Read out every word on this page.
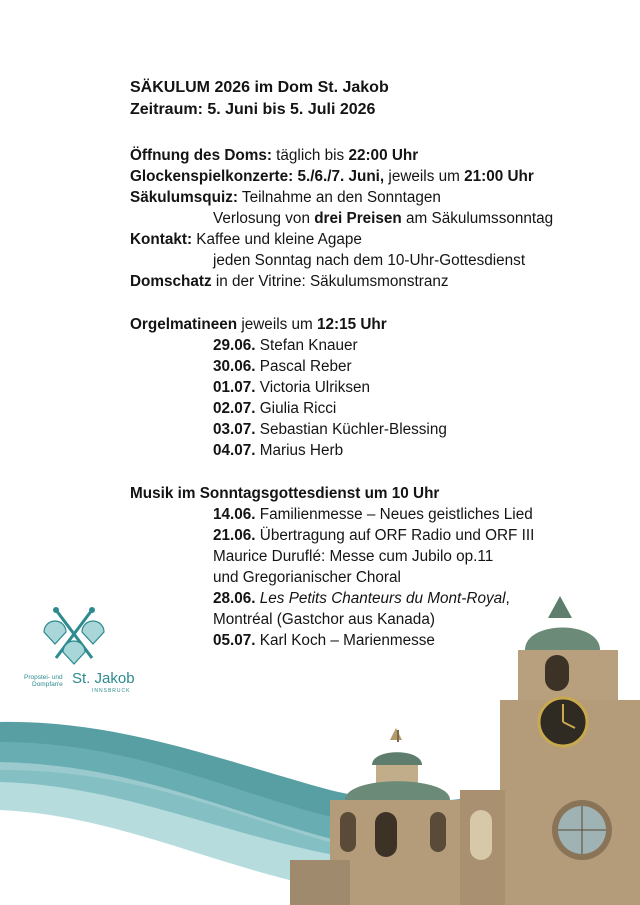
SÄKULUM 2026 im Dom St. Jakob
Zeitraum: 5. Juni bis 5. Juli 2026
Öffnung des Doms: täglich bis 22:00 Uhr
Glockenspielkonzerte: 5./6./7. Juni, jeweils um 21:00 Uhr
Säkulumsquiz: Teilnahme an den Sonntagen
Verlosung von drei Preisen am Säkulumssonntag
Kontakt: Kaffee und kleine Agape
jeden Sonntag nach dem 10-Uhr-Gottesdienst
Domschatz in der Vitrine: Säkulumsmonstranz
Orgelmatineen jeweils um 12:15 Uhr
29.06. Stefan Knauer
30.06. Pascal Reber
01.07. Victoria Ulriksen
02.07. Giulia Ricci
03.07. Sebastian Küchler-Blessing
04.07. Marius Herb
Musik im Sonntagsgottesdienst um 10 Uhr
14.06. Familienmesse – Neues geistliches Lied
21.06. Übertragung auf ORF Radio und ORF III
Maurice Duruflé: Messe cum Jubilo op.11
und Gregorianischer Choral
28.06. Les Petits Chanteurs du Mont-Royal,
Montréal (Gastchor aus Kanada)
05.07. Karl Koch – Marienmesse
Propstei- und
Dompfarre St. Jakob
INNSBRUCK
